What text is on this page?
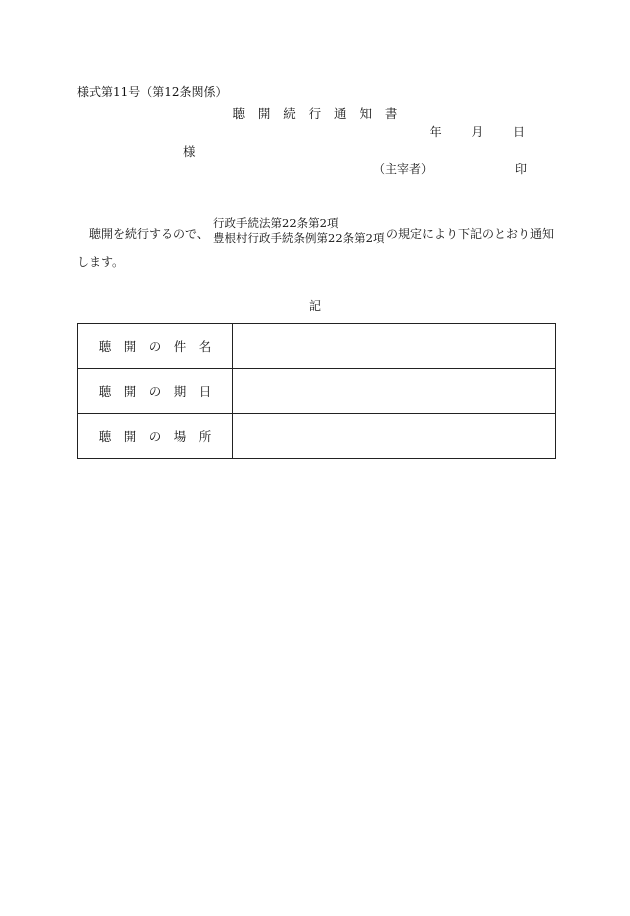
様式第11号（第12条関係）
聴　開　続　行　通　知　書
年 月 日
様
（主宰者）	印
聴開を続行するので、
行政手続法第22条第2項
豊根村行政手続条例第22条第2項 の規定により下記のとおり通知
します。
記
聴　開　の　件　名	
聴　開　の　期　日	
聴　開　の　場　所	
